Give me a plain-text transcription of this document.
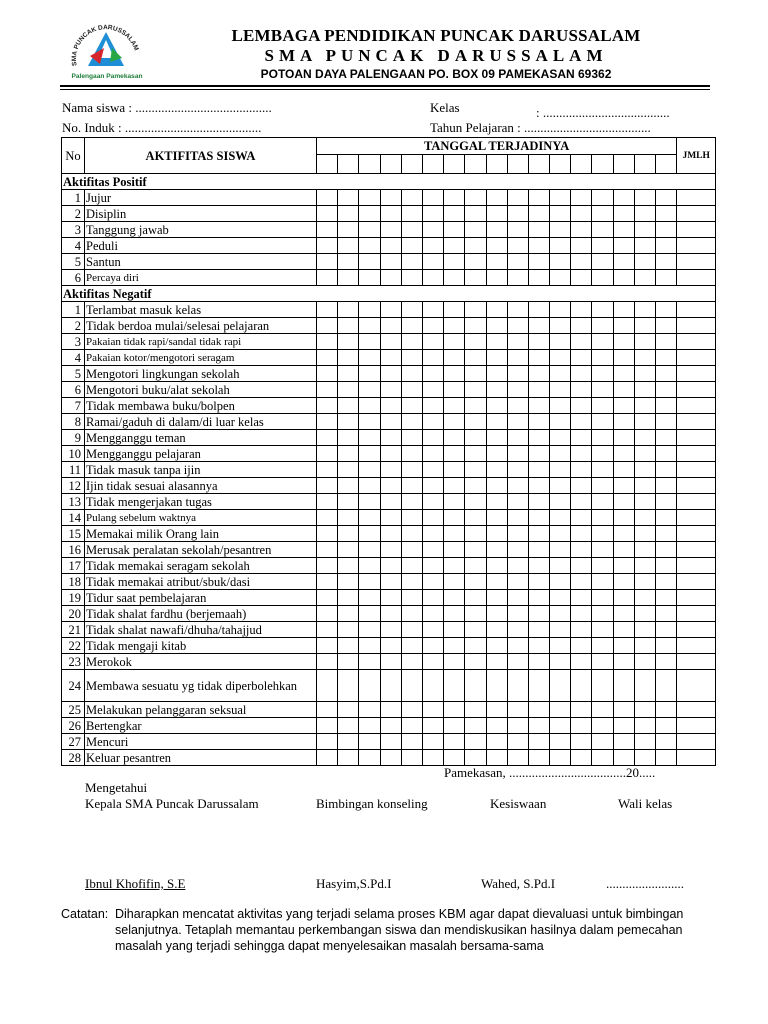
SMA PUNCAK DARUSSALAM
Palengaan Pamekasan
LEMBAGA PENDIDIKAN PUNCAK DARUSSALAM
SMA PUNCAK DARUSSALAM
POTOAN DAYA PALENGAAN PO. BOX 09 PAMEKASAN 69362
Nama siswa : ..........................................
No. Induk : ..........................................
Kelas	: .......................................
Tahun Pelajaran : .......................................
No	AKTIFITAS SISWA	TANGGAL TERJADINYA																	JMLH

Aktifitas Positif																			
1	Jujur																		
2	Disiplin																		
3	Tanggung jawab																		
4	Peduli																		
5	Santun																		
6	Percaya diri																		
Aktifitas Negatif																			
1	Terlambat masuk kelas																		
2	Tidak berdoa mulai/selesai pelajaran																		
3	Pakaian tidak rapi/sandal tidak rapi																		
4	Pakaian kotor/mengotori seragam																		
5	Mengotori lingkungan sekolah																		
6	Mengotori buku/alat sekolah																		
7	Tidak membawa buku/bolpen																		
8	Ramai/gaduh di dalam/di luar kelas																		
9	Mengganggu teman																		
10	Mengganggu pelajaran																		
11	Tidak masuk tanpa ijin																		
12	Ijin tidak sesuai alasannya																		
13	Tidak mengerjakan tugas																		
14	Pulang sebelum waktnya																		
15	Memakai milik Orang lain																		
16	Merusak peralatan sekolah/pesantren																		
17	Tidak memakai seragam sekolah																		
18	Tidak memakai atribut/sbuk/dasi																		
19	Tidur saat pembelajaran																		
20	Tidak shalat fardhu (berjemaah)																		
21	Tidak shalat nawafi/dhuha/tahajjud																		
22	Tidak mengaji kitab																		
23	Merokok																		
24	Membawa sesuatu yg tidak diperbolehkan																		
25	Melakukan pelanggaran seksual																		
26	Bertengkar																		
27	Mencuri																		
28	Keluar pesantren																		
Pamekasan, ....................................20.....
Mengetahui
Kepala SMA Puncak Darussalam	Bimbingan konseling	Kesiswaan	Wali kelas
Ibnul Khofifin, S.E	Hasyim,S.Pd.I	Wahed, S.Pd.I	........................
Catatan: Diharapkan mencatat aktivitas yang terjadi selama proses KBM agar dapat dievaluasi untuk bimbingan selanjutnya. Tetaplah memantau perkembangan siswa dan mendiskusikan hasilnya dalam pemecahan masalah yang terjadi sehingga dapat menyelesaikan masalah bersama-sama
